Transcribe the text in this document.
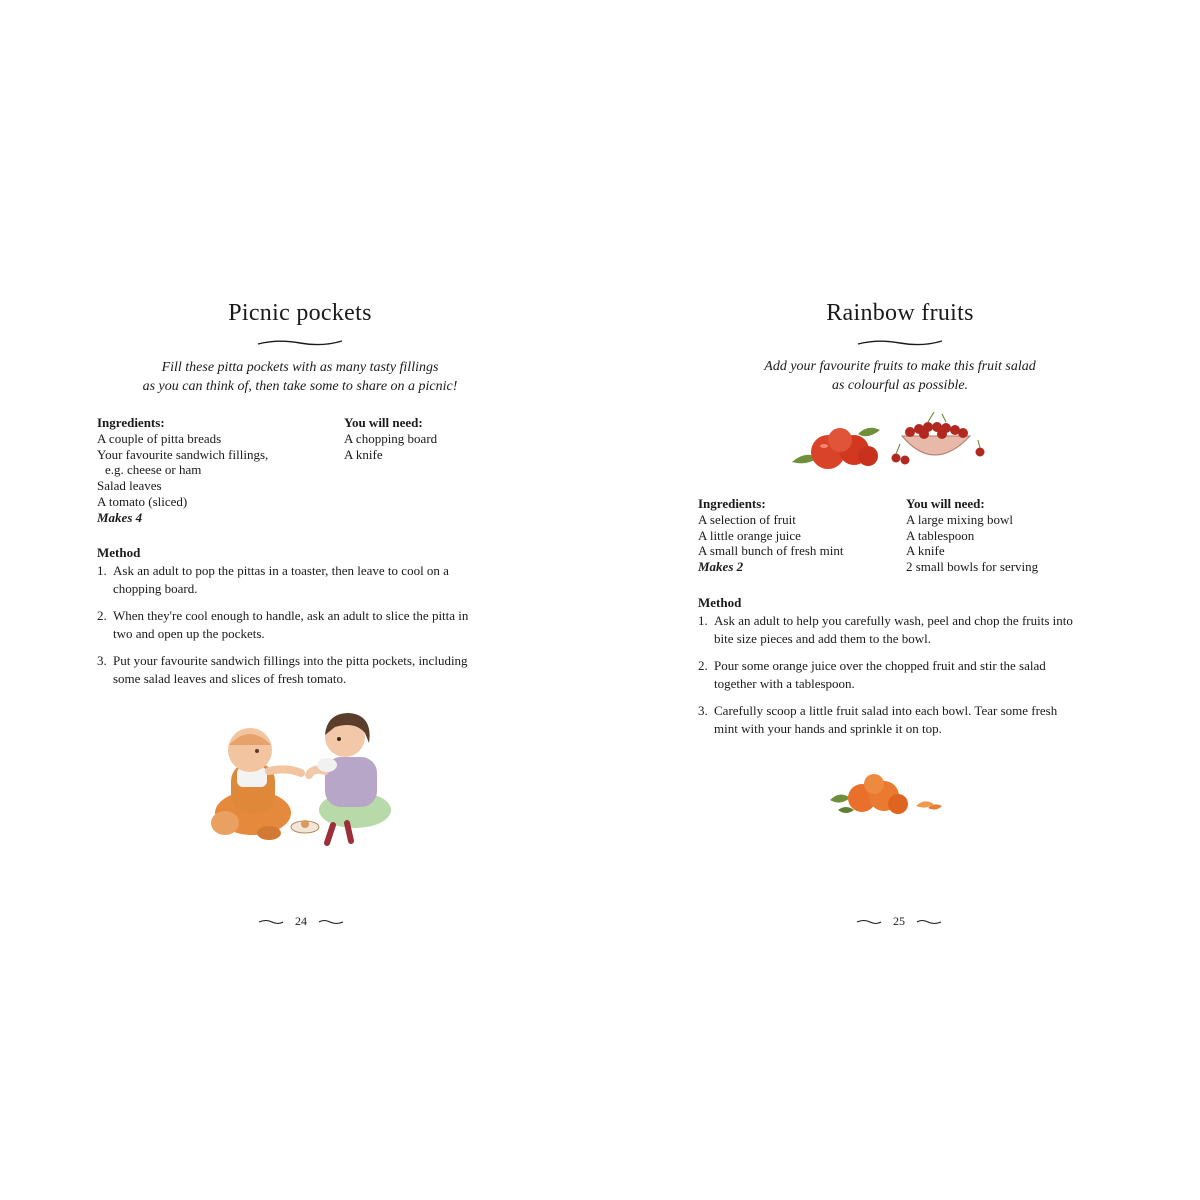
Picnic pockets

Fill these pitta pockets with as many tasty fillings
as you can think of, then take some to share on a picnic!

Ingredients:
A couple of pitta breads
Your favourite sandwich fillings,
e.g. cheese or ham
Salad leaves
A tomato (sliced)
Makes 4
You will need:
A chopping board
A knife
Method
1. Ask an adult to pop the pittas in a toaster, then leave to cool on a chopping board.
2. When they're cool enough to handle, ask an adult to slice the pitta in two and open up the pockets.
3. Put your favourite sandwich fillings into the pitta pockets, including some salad leaves and slices of fresh tomato.
24
Rainbow fruits

Add your favourite fruits to make this fruit salad
as colourful as possible.

Ingredients:
A selection of fruit
A little orange juice
A small bunch of fresh mint
Makes 2
You will need:
A large mixing bowl
A tablespoon
A knife
2 small bowls for serving
Method
1. Ask an adult to help you carefully wash, peel and chop the fruits into bite size pieces and add them to the bowl.
2. Pour some orange juice over the chopped fruit and stir the salad together with a tablespoon.
3. Carefully scoop a little fruit salad into each bowl. Tear some fresh mint with your hands and sprinkle it on top.
25
